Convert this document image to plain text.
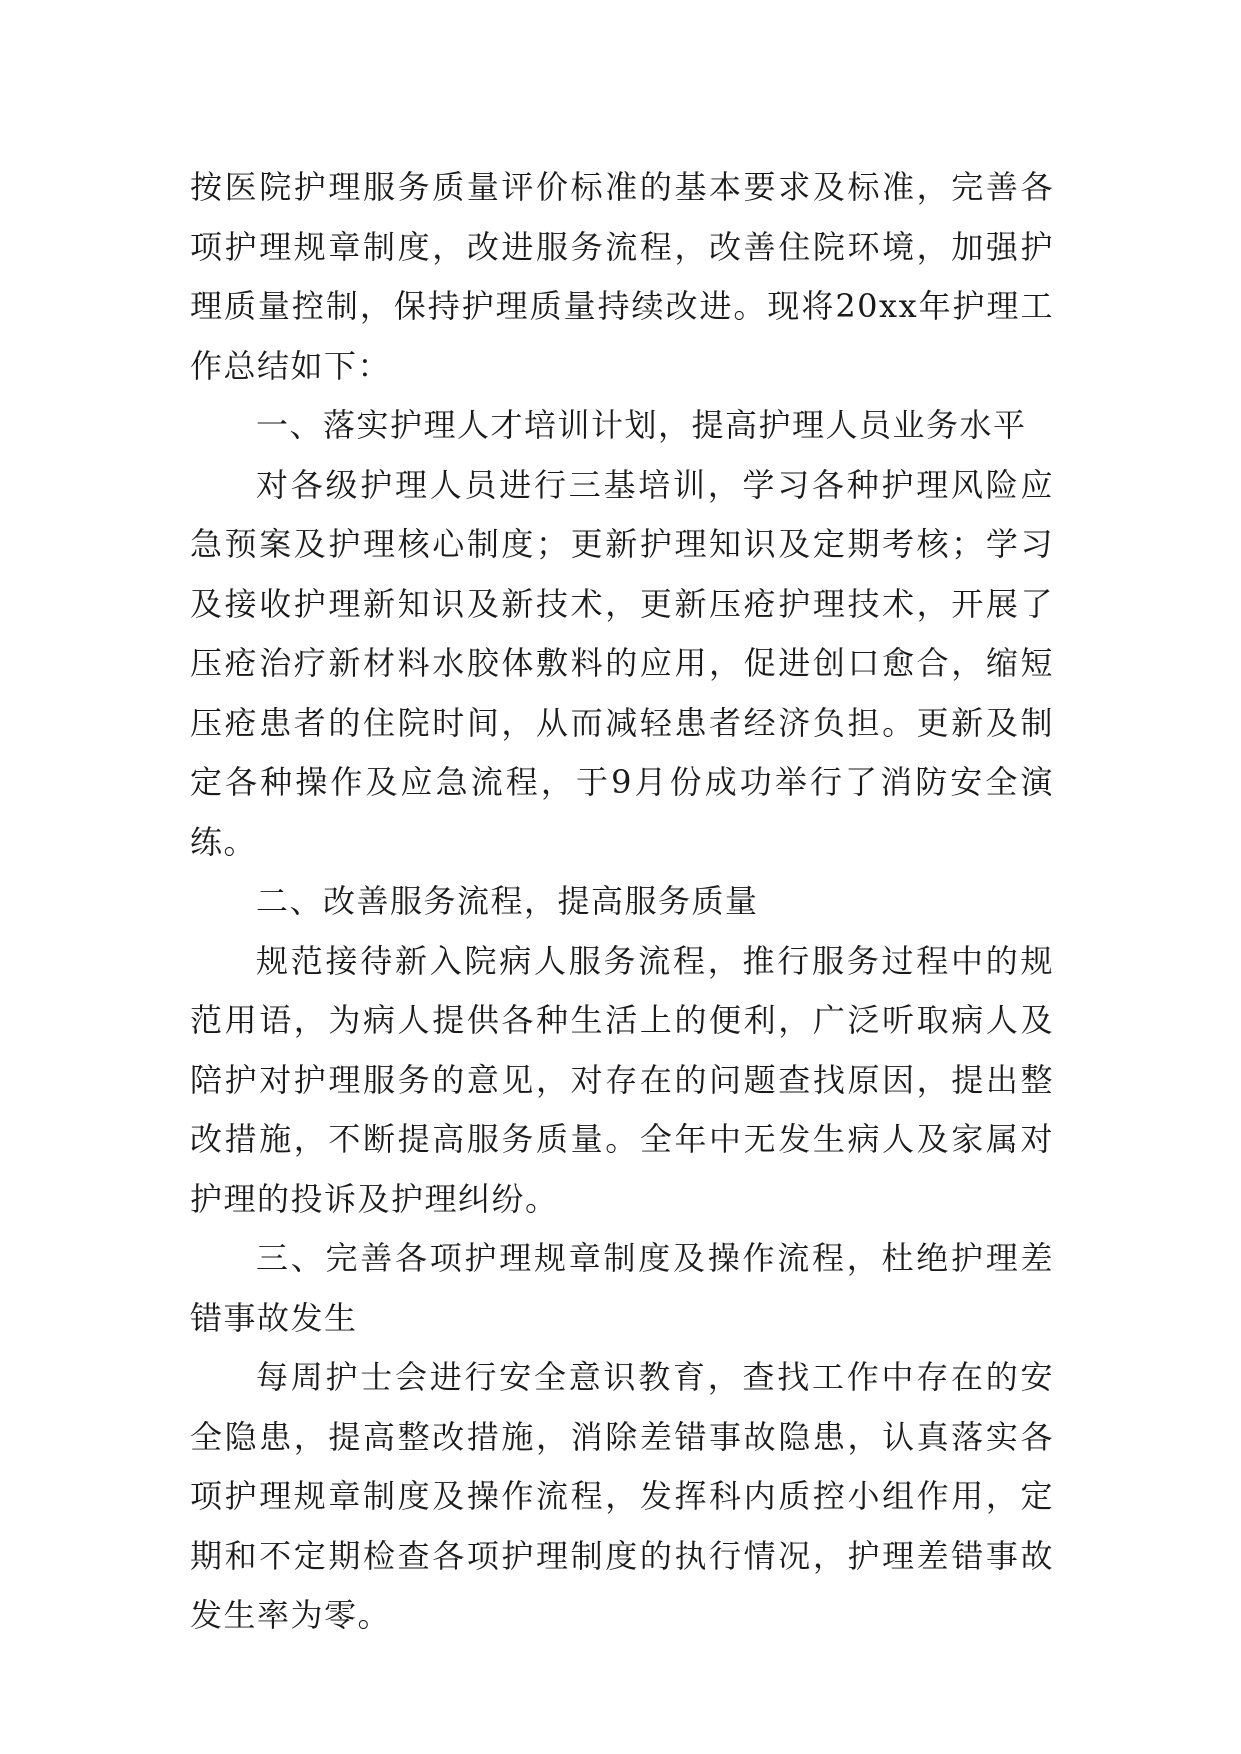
按医院护理服务质量评价标准的基本要求及标准，完善各项护理规章制度，改进服务流程，改善住院环境，加强护理质量控制，保持护理质量持续改进。现将20xx年护理工作总结如下：

一、落实护理人才培训计划，提高护理人员业务水平

对各级护理人员进行三基培训，学习各种护理风险应急预案及护理核心制度；更新护理知识及定期考核；学习及接收护理新知识及新技术，更新压疮护理技术，开展了压疮治疗新材料水胶体敷料的应用，促进创口愈合，缩短压疮患者的住院时间，从而减轻患者经济负担。更新及制定各种操作及应急流程，于9月份成功举行了消防安全演练。

二、改善服务流程，提高服务质量

规范接待新入院病人服务流程，推行服务过程中的规范用语，为病人提供各种生活上的便利，广泛听取病人及陪护对护理服务的意见，对存在的问题查找原因，提出整改措施，不断提高服务质量。全年中无发生病人及家属对护理的投诉及护理纠纷。

三、完善各项护理规章制度及操作流程，杜绝护理差错事故发生

每周护士会进行安全意识教育，查找工作中存在的安全隐患，提高整改措施，消除差错事故隐患，认真落实各项护理规章制度及操作流程，发挥科内质控小组作用，定期和不定期检查各项护理制度的执行情况，护理差错事故发生率为零。
